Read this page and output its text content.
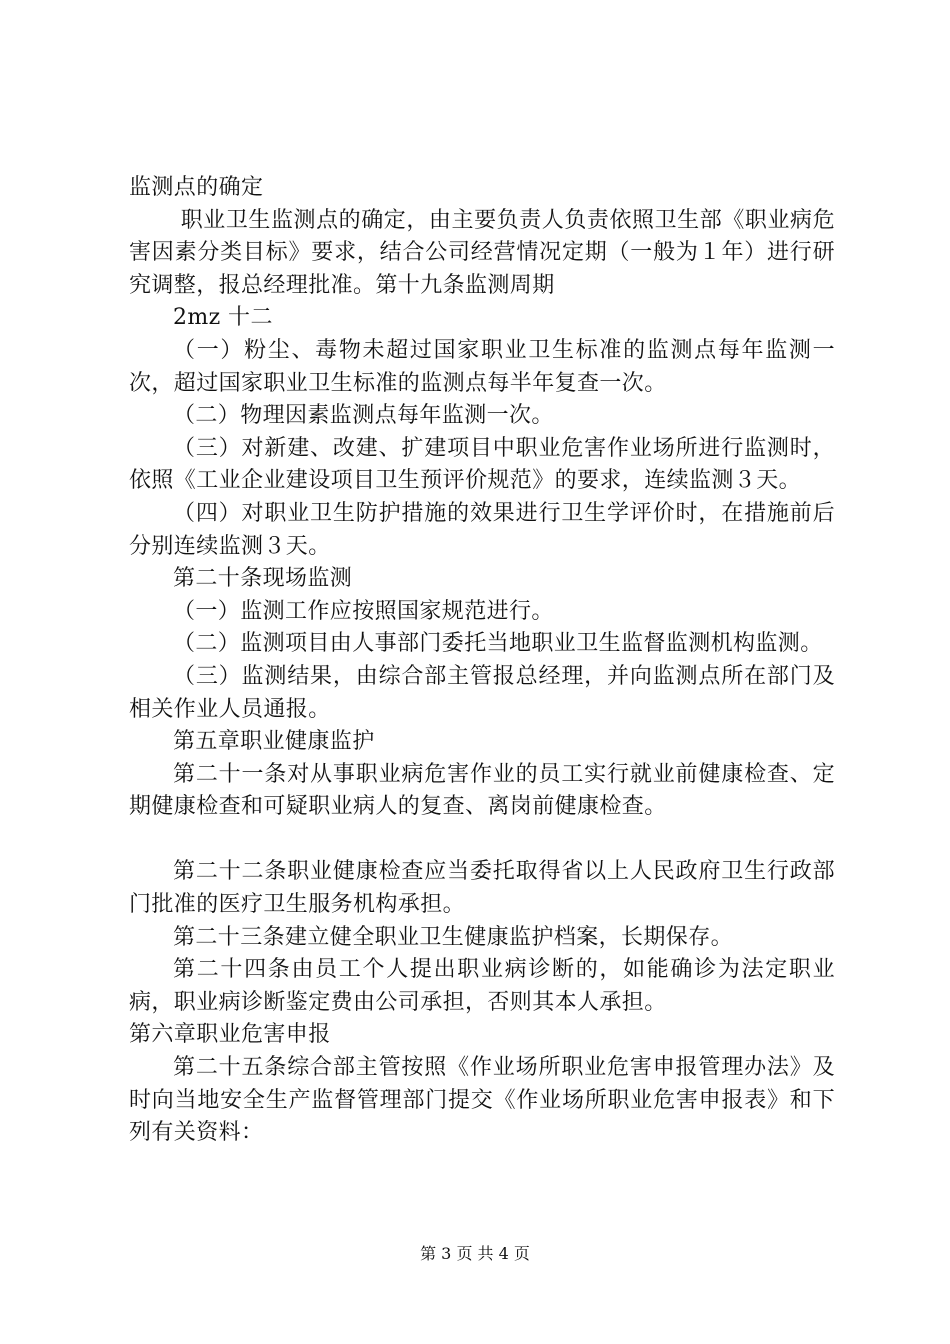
监测点的确定

职业卫生监测点的确定，由主要负责人负责依照卫生部《职业病危害因素分类目标》要求，结合公司经营情况定期（一般为１年）进行研究调整，报总经理批准。第十九条监测周期

2mz 十二

（一）粉尘、毒物未超过国家职业卫生标准的监测点每年监测一次，超过国家职业卫生标准的监测点每半年复查一次。

（二）物理因素监测点每年监测一次。

（三）对新建、改建、扩建项目中职业危害作业场所进行监测时，依照《工业企业建设项目卫生预评价规范》的要求，连续监测３天。

（四）对职业卫生防护措施的效果进行卫生学评价时，在措施前后分别连续监测３天。

第二十条现场监测

（一）监测工作应按照国家规范进行。

（二）监测项目由人事部门委托当地职业卫生监督监测机构监测。

（三）监测结果，由综合部主管报总经理，并向监测点所在部门及相关作业人员通报。

第五章职业健康监护

第二十一条对从事职业病危害作业的员工实行就业前健康检查、定期健康检查和可疑职业病人的复查、离岗前健康检查。

第二十二条职业健康检查应当委托取得省以上人民政府卫生行政部门批准的医疗卫生服务机构承担。

第二十三条建立健全职业卫生健康监护档案，长期保存。

第二十四条由员工个人提出职业病诊断的，如能确诊为法定职业病，职业病诊断鉴定费由公司承担，否则其本人承担。

第六章职业危害申报

第二十五条综合部主管按照《作业场所职业危害申报管理办法》及时向当地安全生产监督管理部门提交《作业场所职业危害申报表》和下列有关资料：

第 3 页 共 4 页
